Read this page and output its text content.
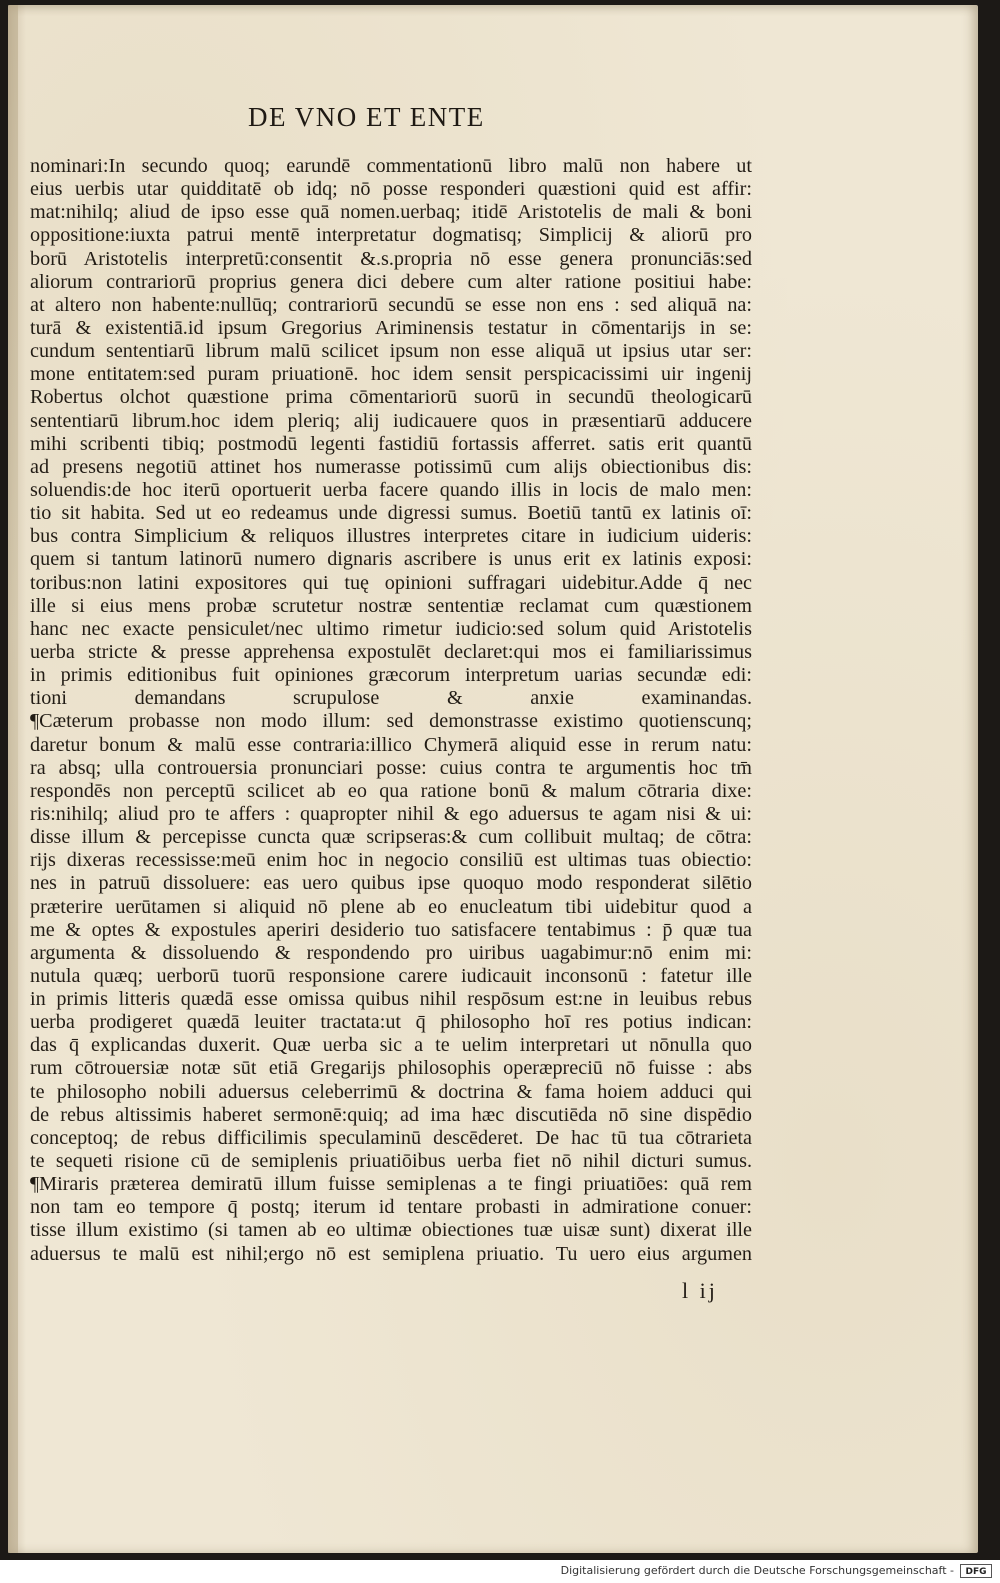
DE VNO ET ENTE
nominari:In secundo quoq; earundē commentationū libro malū non habere ut
eius uerbis utar quidditatē ob idq; nō posse responderi quæstioni quid est affir:
mat:nihilq; aliud de ipso esse quā nomen.uerbaq; itidē Aristotelis de mali & boni
oppositione:iuxta patrui mentē interpretatur dogmatisq; Simplicij & aliorū pro
borū Aristotelis interpretū:consentit &.s.propria nō esse genera pronunciās:sed
aliorum contrariorū proprius genera dici debere cum alter ratione positiui habe:
at altero non habente:nullūq; contrariorū secundū se esse non ens : sed aliquā na:
turā & existentiā.id ipsum Gregorius Ariminensis testatur in cōmentarijs in se:
cundum sententiarū librum malū scilicet ipsum non esse aliquā ut ipsius utar ser:
mone entitatem:sed puram priuationē. hoc idem sensit perspicacissimi uir ingenij
Robertus olchot quæstione prima cōmentariorū suorū in secundū theologicarū
sententiarū librum.hoc idem pleriq; alij iudicauere quos in præsentiarū adducere
mihi scribenti tibiq; postmodū legenti fastidiū fortassis afferret. satis erit quantū
ad presens negotiū attinet hos numerasse potissimū cum alijs obiectionibus dis:
soluendis:de hoc iterū oportuerit uerba facere quando illis in locis de malo men:
tio sit habita. Sed ut eo redeamus unde digressi sumus. Boetiū tantū ex latinis oī:
bus contra Simplicium & reliquos illustres interpretes citare in iudicium uideris:
quem si tantum latinorū numero dignaris ascribere is unus erit ex latinis exposi:
toribus:non latini expositores qui tuę opinioni suffragari uidebitur.Adde q̄ nec
ille si eius mens probæ scrutetur nostræ sententiæ reclamat cum quæstionem
hanc nec exacte pensiculet/nec ultimo rimetur iudicio:sed solum quid Aristotelis
uerba stricte & presse apprehensa expostulēt declaret:qui mos ei familiarissimus
in primis editionibus fuit opiniones græcorum interpretum uarias secundæ edi:
tioni demandans scrupulose & anxie examinandas.
¶Cæterum probasse non modo illum: sed demonstrasse existimo quotienscunq;
daretur bonum & malū esse contraria:illico Chymerā aliquid esse in rerum natu:
ra absq; ulla controuersia pronunciari posse: cuius contra te argumentis hoc tm̄
respondēs non perceptū scilicet ab eo qua ratione bonū & malum cōtraria dixe:
ris:nihilq; aliud pro te affers : quapropter nihil & ego aduersus te agam nisi & ui:
disse illum & percepisse cuncta quæ scripseras:& cum collibuit multaq; de cōtra:
rijs dixeras recessisse:meū enim hoc in negocio consiliū est ultimas tuas obiectio:
nes in patruū dissoluere: eas uero quibus ipse quoquo modo responderat silētio
præterire uerūtamen si aliquid nō plene ab eo enucleatum tibi uidebitur quod a
me & optes & expostules aperiri desiderio tuo satisfacere tentabimus : p̄ quæ tua
argumenta & dissoluendo & respondendo pro uiribus uagabimur:nō enim mi:
nutula quæq; uerborū tuorū responsione carere iudicauit inconsonū : fatetur ille
in primis litteris quædā esse omissa quibus nihil respōsum est:ne in leuibus rebus
uerba prodigeret quædā leuiter tractata:ut q̄ philosopho hoī res potius indican:
das q̄ explicandas duxerit. Quæ uerba sic a te uelim interpretari ut nōnulla quo
rum cōtrouersiæ notæ sūt etiā Gregarijs philosophis operæpreciū nō fuisse : abs
te philosopho nobili aduersus celeberrimū & doctrina & fama hoiem adduci qui
de rebus altissimis haberet sermonē:quiq; ad ima hæc discutiēda nō sine dispēdio
conceptoq; de rebus difficilimis speculaminū descēderet. De hac tū tua cōtrarieta
te sequeti risione cū de semiplenis priuatiōibus uerba fiet nō nihil dicturi sumus.
¶Miraris præterea demiratū illum fuisse semiplenas a te fingi priuatiōes: quā rem
non tam eo tempore q̄ postq; iterum id tentare probasti in admiratione conuer:
tisse illum existimo (si tamen ab eo ultimæ obiectiones tuæ uisæ sunt) dixerat ille
aduersus te malū est nihil;ergo nō est semiplena priuatio. Tu uero eius argumen
l ij
Digitalisierung gefördert durch die Deutsche Forschungsgemeinschaft -	DFG
